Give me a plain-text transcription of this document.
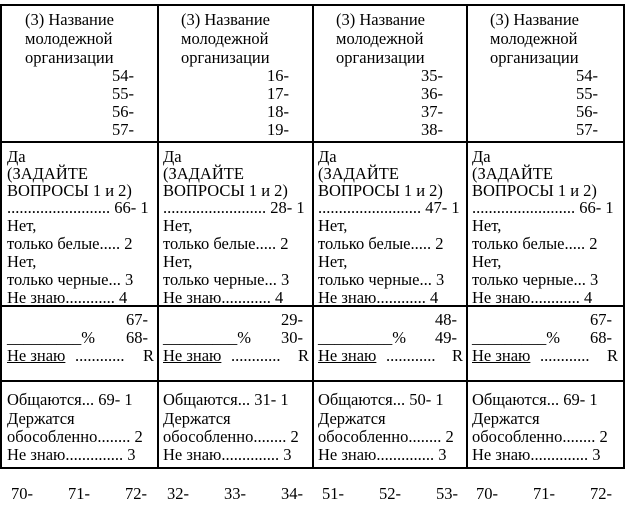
(3) Название
молодежной
организации
54-
55-
56-
57-
Да
(ЗАДАЙТЕ
ВОПРОСЫ 1 и 2)
......................... 66- 1
Нет,
только белые..... 2
Нет,
только черные... 3
Не знаю............ 4
67-
_________% 68-
Не знаю ............ R
Общаются... 69- 1
Держатся
обособленно........ 2
Не знаю.............. 3
70- 71- 72-
(3) Название
молодежной
организации
16-
17-
18-
19-
Да
(ЗАДАЙТЕ
ВОПРОСЫ 1 и 2)
......................... 28- 1
Нет,
только белые..... 2
Нет,
только черные... 3
Не знаю............ 4
29-
_________% 30-
Не знаю ............ R
Общаются... 31- 1
Держатся
обособленно........ 2
Не знаю.............. 3
32- 33- 34-
(3) Название
молодежной
организации
35-
36-
37-
38-
Да
(ЗАДАЙТЕ
ВОПРОСЫ 1 и 2)
......................... 47- 1
Нет,
только белые..... 2
Нет,
только черные... 3
Не знаю............ 4
48-
_________% 49-
Не знаю ............ R
Общаются... 50- 1
Держатся
обособленно........ 2
Не знаю.............. 3
51- 52- 53-
(3) Название
молодежной
организации
54-
55-
56-
57-
Да
(ЗАДАЙТЕ
ВОПРОСЫ 1 и 2)
......................... 66- 1
Нет,
только белые..... 2
Нет,
только черные... 3
Не знаю............ 4
67-
_________% 68-
Не знаю ............ R
Общаются... 69- 1
Держатся
обособленно........ 2
Не знаю.............. 3
70- 71- 72-
